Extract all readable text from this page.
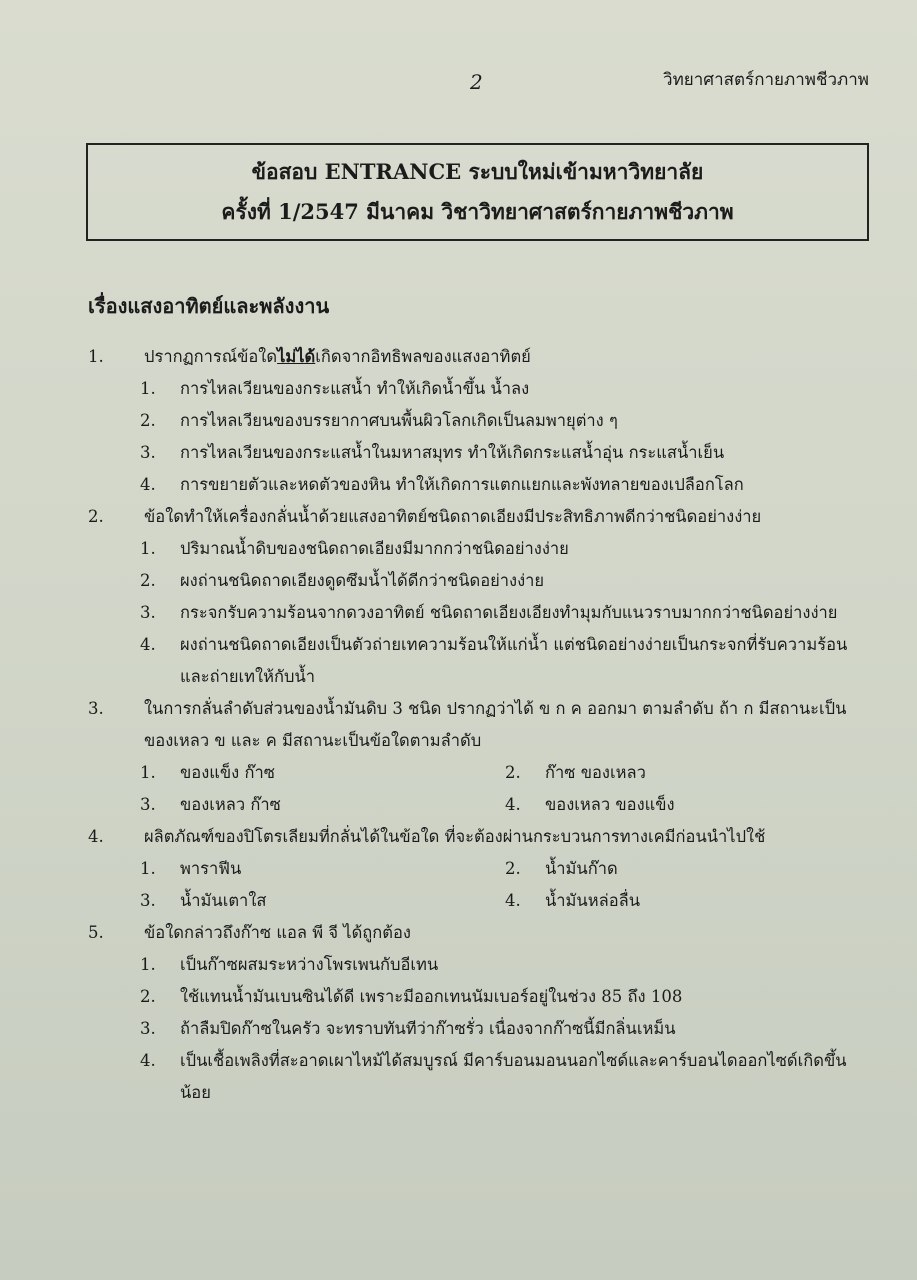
2	วิทยาศาสตร์กายภาพชีวภาพ
ข้อสอบ ENTRANCE ระบบใหม่เข้ามหาวิทยาลัย
ครั้งที่ 1/2547 มีนาคม วิชาวิทยาศาสตร์กายภาพชีวภาพ
เรื่องแสงอาทิตย์และพลังงาน
1.	ปรากฏการณ์ข้อใดไม่ได้เกิดจากอิทธิพลของแสงอาทิตย์
1.	การไหลเวียนของกระแสน้ำ ทำให้เกิดน้ำขึ้น น้ำลง
2.	การไหลเวียนของบรรยากาศบนพื้นผิวโลกเกิดเป็นลมพายุต่าง ๆ
3.	การไหลเวียนของกระแสน้ำในมหาสมุทร ทำให้เกิดกระแสน้ำอุ่น กระแสน้ำเย็น
4.	การขยายตัวและหดตัวของหิน ทำให้เกิดการแตกแยกและพังทลายของเปลือกโลก
2.	ข้อใดทำให้เครื่องกลั่นน้ำด้วยแสงอาทิตย์ชนิดถาดเอียงมีประสิทธิภาพดีกว่าชนิดอย่างง่าย
1.	ปริมาณน้ำดิบของชนิดถาดเอียงมีมากกว่าชนิดอย่างง่าย
2.	ผงถ่านชนิดถาดเอียงดูดซึมน้ำได้ดีกว่าชนิดอย่างง่าย
3.	กระจกรับความร้อนจากดวงอาทิตย์ ชนิดถาดเอียงเอียงทำมุมกับแนวราบมากกว่าชนิดอย่างง่าย
4.	ผงถ่านชนิดถาดเอียงเป็นตัวถ่ายเทความร้อนให้แก่น้ำ แต่ชนิดอย่างง่ายเป็นกระจกที่รับความร้อนและถ่ายเทให้กับน้ำ
3.	ในการกลั่นลำดับส่วนของน้ำมันดิบ 3 ชนิด ปรากฏว่าได้ ข ก ค ออกมา ตามลำดับ ถ้า ก มีสถานะเป็นของเหลว ข และ ค มีสถานะเป็นข้อใดตามลำดับ
1.	ของแข็ง ก๊าซ	2.	ก๊าซ ของเหลว
3.	ของเหลว ก๊าซ	4.	ของเหลว ของแข็ง
4.	ผลิตภัณฑ์ของปิโตรเลียมที่กลั่นได้ในข้อใด ที่จะต้องผ่านกระบวนการทางเคมีก่อนนำไปใช้
1.	พาราฟีน	2.	น้ำมันก๊าด
3.	น้ำมันเตาใส	4.	น้ำมันหล่อลื่น
5.	ข้อใดกล่าวถึงก๊าซ แอล พี จี ได้ถูกต้อง
1.	เป็นก๊าซผสมระหว่างโพรเพนกับอีเทน
2.	ใช้แทนน้ำมันเบนซินได้ดี เพราะมีออกเทนนัมเบอร์อยู่ในช่วง 85 ถึง 108
3.	ถ้าลืมปิดก๊าซในครัว จะทราบทันทีว่าก๊าซรั่ว เนื่องจากก๊าซนี้มีกลิ่นเหม็น
4.	เป็นเชื้อเพลิงที่สะอาดเผาไหม้ได้สมบูรณ์ มีคาร์บอนมอนนอกไซด์และคาร์บอนไดออกไซด์เกิดขึ้นน้อย
